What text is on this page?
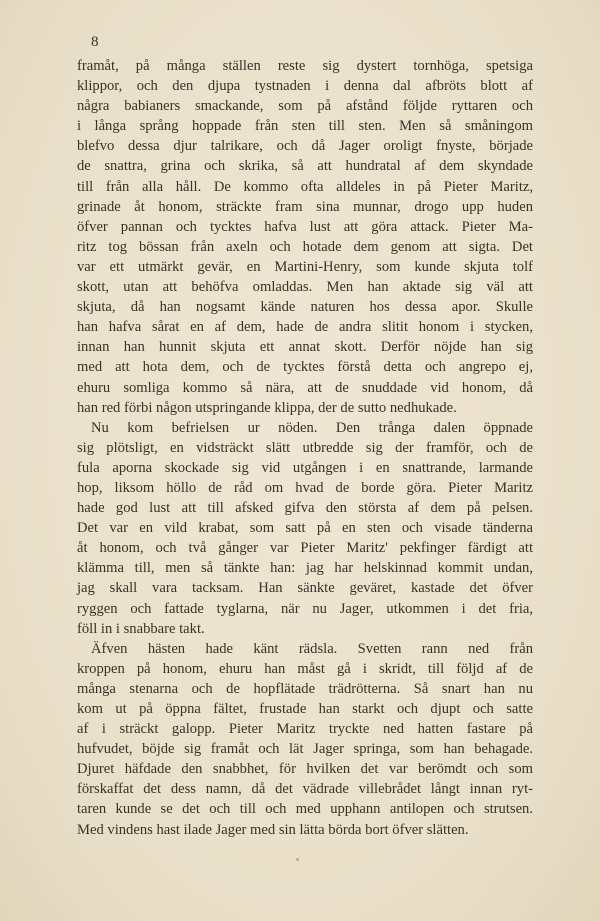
8
framåt, på många ställen reste sig dystert tornhöga, spetsiga
klippor, och den djupa tystnaden i denna dal afbröts blott af
några babianers smackande, som på afstånd följde ryttaren och
i långa språng hoppade från sten till sten. Men så småningom
blefvo dessa djur talrikare, och då Jager oroligt fnyste, började
de snattra, grina och skrika, så att hundratal af dem skyndade
till från alla håll. De kommo ofta alldeles in på Pieter Maritz,
grinade åt honom, sträckte fram sina munnar, drogo upp huden
öfver pannan och tycktes hafva lust att göra attack. Pieter Ma-
ritz tog bössan från axeln och hotade dem genom att sigta. Det
var ett utmärkt gevär, en Martini-Henry, som kunde skjuta tolf
skott, utan att behöfva omladdas. Men han aktade sig väl att
skjuta, då han nogsamt kände naturen hos dessa apor. Skulle
han hafva sårat en af dem, hade de andra slitit honom i stycken,
innan han hunnit skjuta ett annat skott. Derför nöjde han sig
med att hota dem, och de tycktes förstå detta och angrepo ej,
ehuru somliga kommo så nära, att de snuddade vid honom, då
han red förbi någon utspringande klippa, der de sutto nedhukade.
Nu kom befrielsen ur nöden. Den trånga dalen öppnade
sig plötsligt, en vidsträckt slätt utbredde sig der framför, och de
fula aporna skockade sig vid utgången i en snattrande, larmande
hop, liksom höllo de råd om hvad de borde göra. Pieter Maritz
hade god lust att till afsked gifva den största af dem på pelsen.
Det var en vild krabat, som satt på en sten och visade tänderna
åt honom, och två gånger var Pieter Maritz' pekfinger färdigt att
klämma till, men så tänkte han: jag har helskinnad kommit undan,
jag skall vara tacksam. Han sänkte geväret, kastade det öfver
ryggen och fattade tyglarna, när nu Jager, utkommen i det fria,
föll in i snabbare takt.
Äfven hästen hade känt rädsla. Svetten rann ned från
kroppen på honom, ehuru han måst gå i skridt, till följd af de
många stenarna och de hopflätade trädrötterna. Så snart han nu
kom ut på öppna fältet, frustade han starkt och djupt och satte
af i sträckt galopp. Pieter Maritz tryckte ned hatten fastare på
hufvudet, böjde sig framåt och lät Jager springa, som han behagade.
Djuret häfdade den snabbhet, för hvilken det var berömdt och som
förskaffat det dess namn, då det vädrade villebrådet långt innan ryt-
taren kunde se det och till och med upphann antilopen och strutsen.
Med vindens hast ilade Jager med sin lätta börda bort öfver slätten.
